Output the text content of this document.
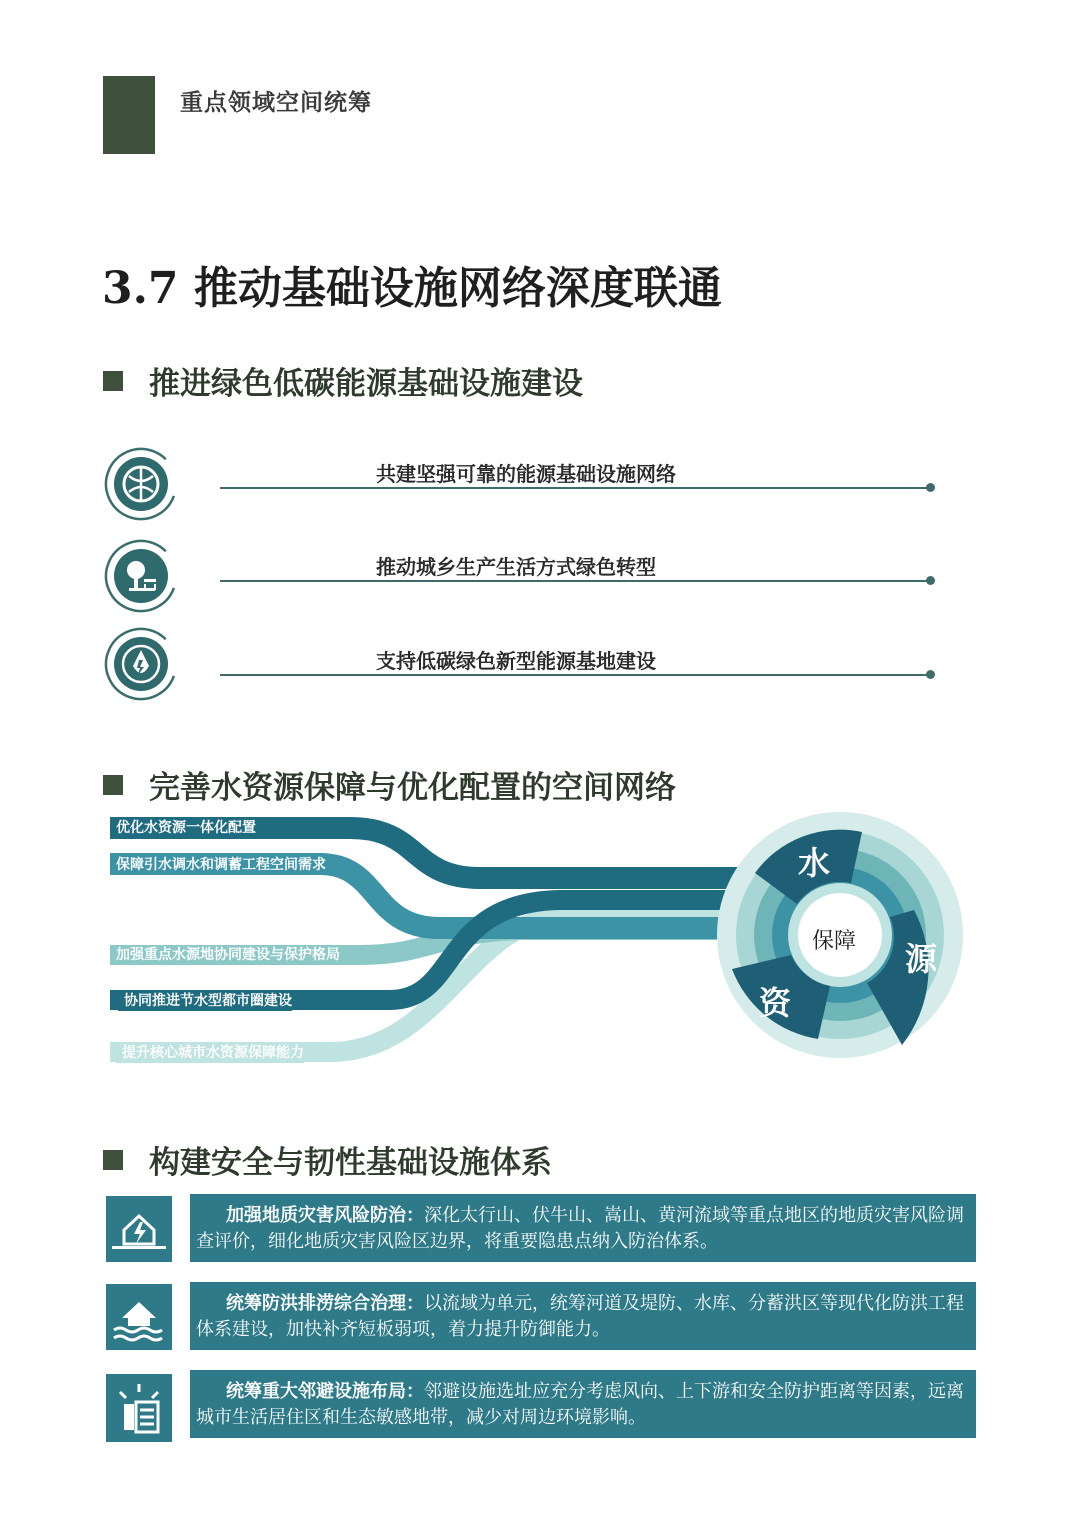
重点领域空间统筹
3.7 推动基础设施网络深度联通
推进绿色低碳能源基础设施建设
共建坚强可靠的能源基础设施网络
推动城乡生产生活方式绿色转型
支持低碳绿色新型能源基地建设
完善水资源保障与优化配置的空间网络
优化水资源一体化配置
保障引水调水和调蓄工程空间需求
加强重点水源地协同建设与保护格局
协同推进节水型都市圈建设
提升核心城市水资源保障能力
保障
水
源
资
构建安全与韧性基础设施体系
加强地质灾害风险防治：深化太行山、伏牛山、嵩山、黄河流域等重点地区的地质灾害风险调查评价，细化地质灾害风险区边界，将重要隐患点纳入防治体系。
统筹防洪排涝综合治理：以流域为单元，统筹河道及堤防、水库、分蓄洪区等现代化防洪工程体系建设，加快补齐短板弱项，着力提升防御能力。
统筹重大邻避设施布局：邻避设施选址应充分考虑风向、上下游和安全防护距离等因素，远离城市生活居住区和生态敏感地带，减少对周边环境影响。
